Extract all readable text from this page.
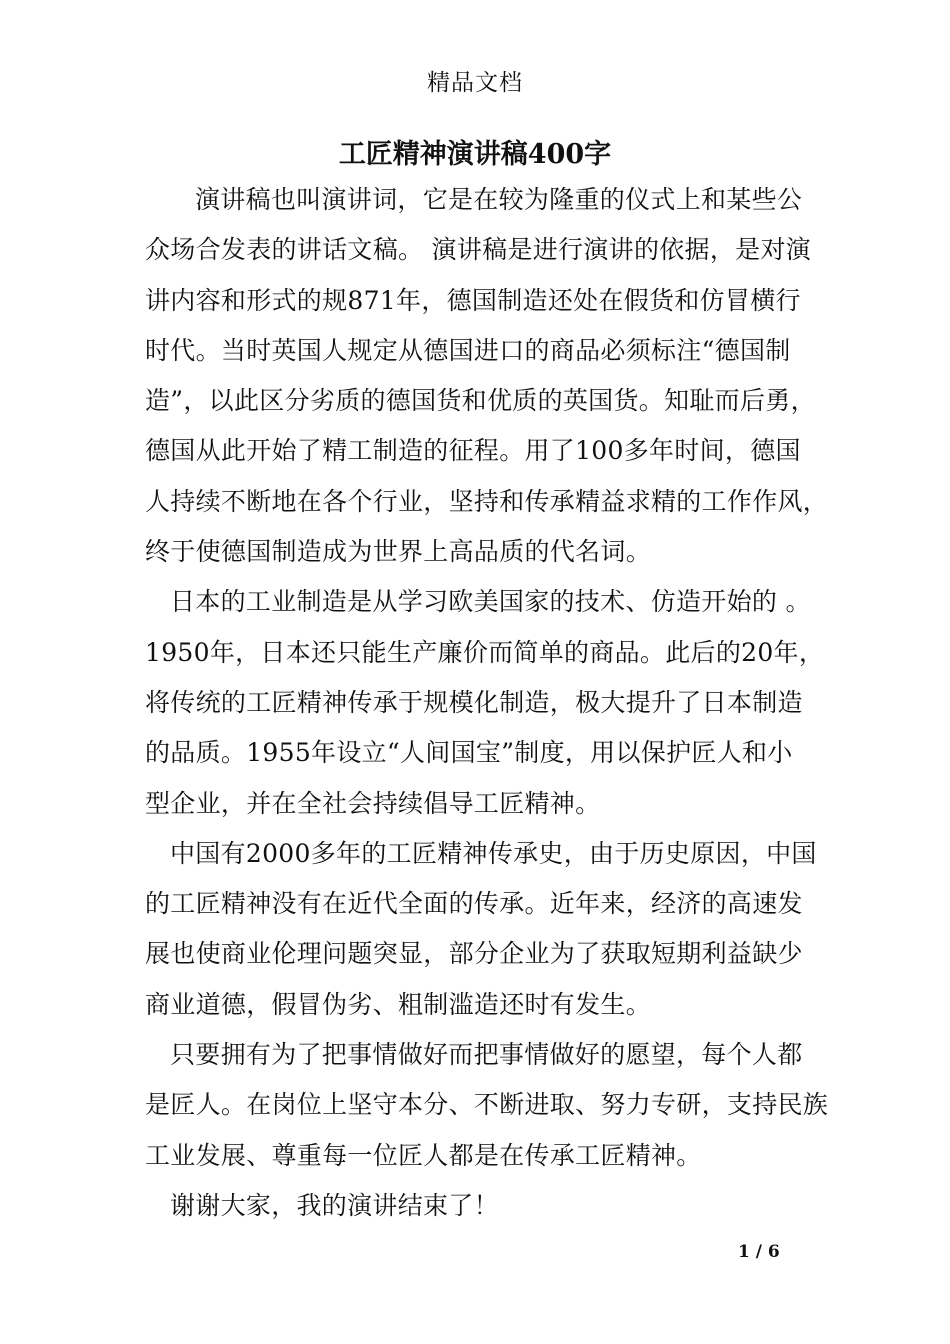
精品文档
工匠精神演讲稿400字
演讲稿也叫演讲词，它是在较为隆重的仪式上和某些公
众场合发表的讲话文稿。 演讲稿是进行演讲的依据，是对演
讲内容和形式的规871年，德国制造还处在假货和仿冒横行
时代。当时英国人规定从德国进口的商品必须标注“德国制
造”，以此区分劣质的德国货和优质的英国货。知耻而后勇，
德国从此开始了精工制造的征程。用了100多年时间，德国
人持续不断地在各个行业，坚持和传承精益求精的工作作风，
终于使德国制造成为世界上高品质的代名词。
日本的工业制造是从学习欧美国家的技术、仿造开始的 。
1950年，日本还只能生产廉价而简单的商品。此后的20年，
将传统的工匠精神传承于规模化制造，极大提升了日本制造
的品质。1955年设立“人间国宝”制度，用以保护匠人和小
型企业，并在全社会持续倡导工匠精神。
中国有2000多年的工匠精神传承史，由于历史原因，中国
的工匠精神没有在近代全面的传承。近年来，经济的高速发
展也使商业伦理问题突显，部分企业为了获取短期利益缺少
商业道德，假冒伪劣、粗制滥造还时有发生。
只要拥有为了把事情做好而把事情做好的愿望，每个人都
是匠人。在岗位上坚守本分、不断进取、努力专研，支持民族
工业发展、尊重每一位匠人都是在传承工匠精神。
谢谢大家，我的演讲结束了！
1 / 6
